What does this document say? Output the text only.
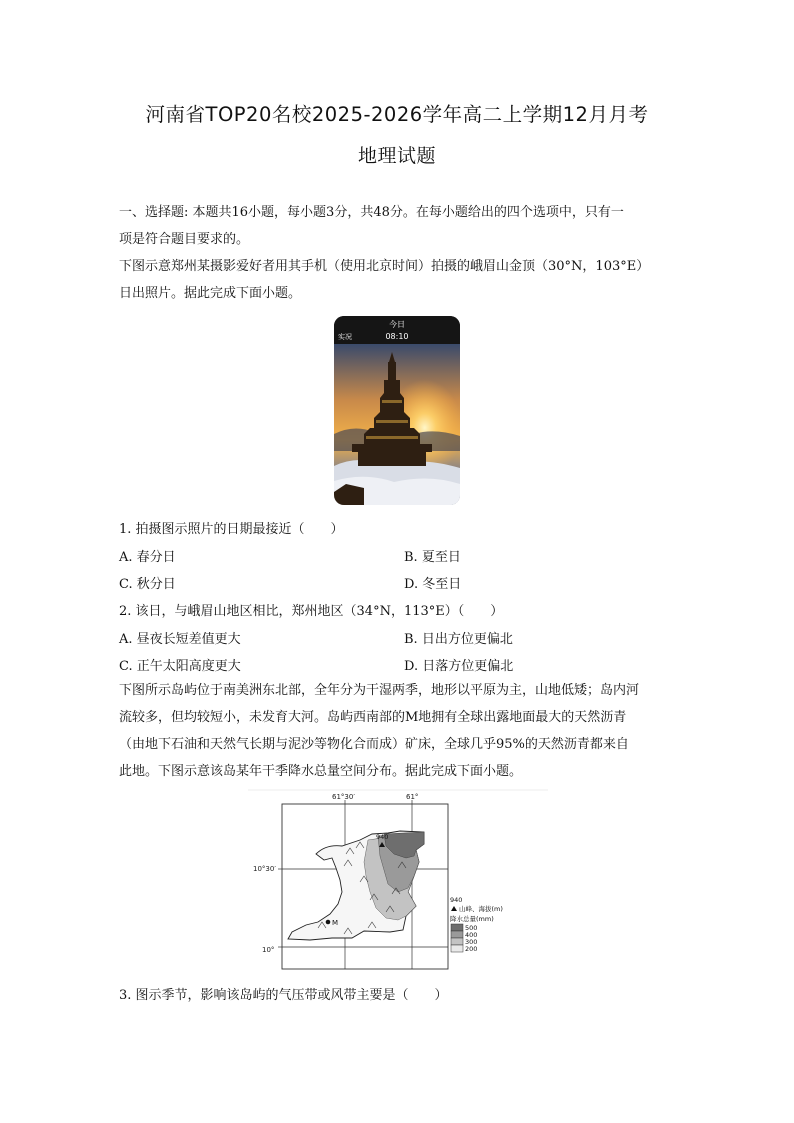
河南省TOP20名校2025-2026学年高二上学期12月月考
地理试题
一、选择题: 本题共16小题，每小题3分，共48分。在每小题给出的四个选项中，只有一
项是符合题目要求的。
下图示意郑州某摄影爱好者用其手机（使用北京时间）拍摄的峨眉山金顶（30°N，103°E）
日出照片。据此完成下面小题。
今日
实况	08:10
1. 拍摄图示照片的日期最接近（　　）
A. 春分日	B. 夏至日
C. 秋分日	D. 冬至日
2. 该日，与峨眉山地区相比，郑州地区（34°N，113°E）（　　）
A. 昼夜长短差值更大	B. 日出方位更偏北
C. 正午太阳高度更大	D. 日落方位更偏北
下图所示岛屿位于南美洲东北部，全年分为干湿两季，地形以平原为主，山地低矮；岛内河
流较多，但均较短小，未发育大河。岛屿西南部的M地拥有全球出露地面最大的天然沥青
（由地下石油和天然气长期与泥沙等物化合而成）矿床，全球几乎95%的天然沥青都来自
此地。下图示意该岛某年干季降水总量空间分布。据此完成下面小题。
61°30′	61°
10°30′
10°
940
M
940
山峰、海拔(m)
降水总量(mm)
500
400
300
200
3. 图示季节，影响该岛屿的气压带或风带主要是（　　）
